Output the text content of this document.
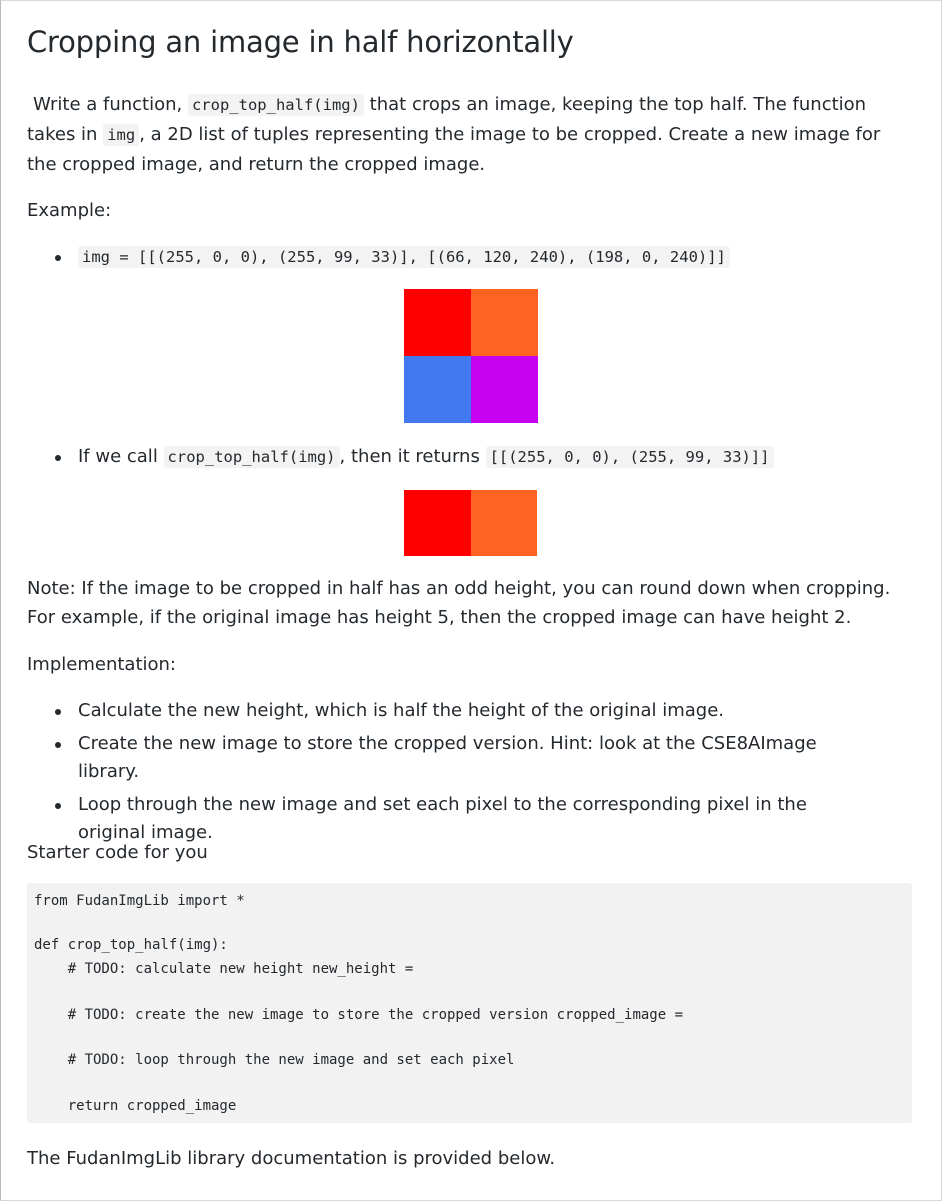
Cropping an image in half horizontally

Write a function, crop_top_half(img) that crops an image, keeping the top half. The function takes in img , a 2D list of tuples representing the image to be cropped. Create a new image for the cropped image, and return the cropped image.

Example:

img = [[(255, 0, 0), (255, 99, 33)], [(66, 120, 240), (198, 0, 240)]]
If we call crop_top_half(img) , then it returns [[(255, 0, 0), (255, 99, 33)]]

Note: If the image to be cropped in half has an odd height, you can round down when cropping. For example, if the original image has height 5, then the cropped image can have height 2.

Implementation:

Calculate the new height, which is half the height of the original image.
Create the new image to store the cropped version. Hint: look at the CSE8AImage library.
Loop through the new image and set each pixel to the corresponding pixel in the original image.

Starter code for you

from FudanImgLib import *
def crop_top_half(img):
# TODO: calculate new height new_height =
# TODO: create the new image to store the cropped version cropped_image =
# TODO: loop through the new image and set each pixel
return cropped_image

The FudanImgLib library documentation is provided below.
